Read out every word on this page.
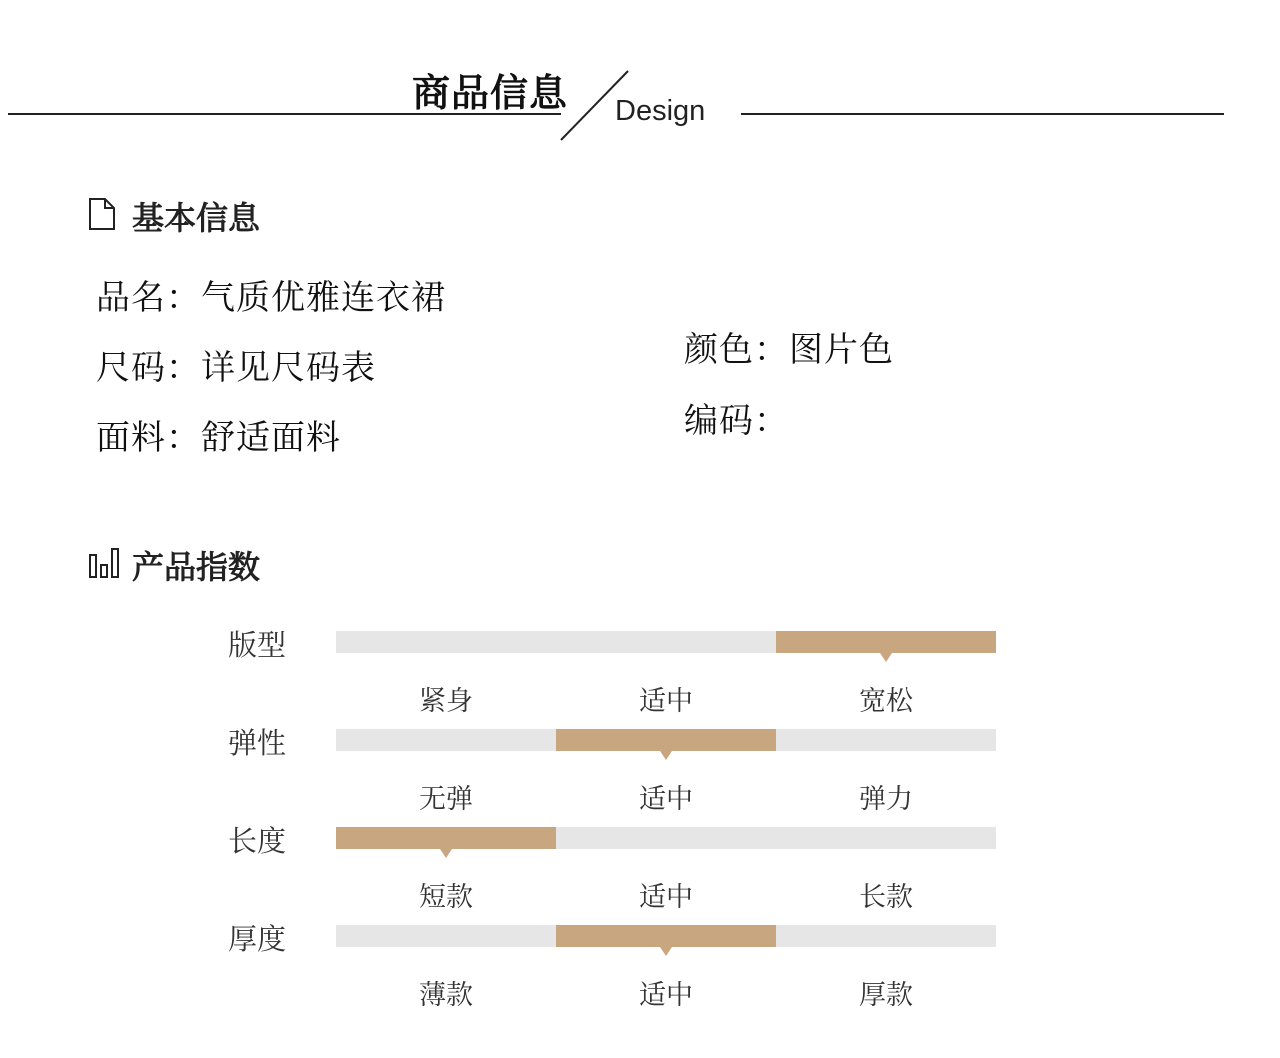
商品信息 Design
基本信息
品名：气质优雅连衣裙
尺码：详见尺码表
面料：舒适面料
颜色：图片色
编码：
产品指数
版型
紧身	适中	宽松
弹性
无弹	适中	弹力
长度
短款	适中	长款
厚度
薄款	适中	厚款
